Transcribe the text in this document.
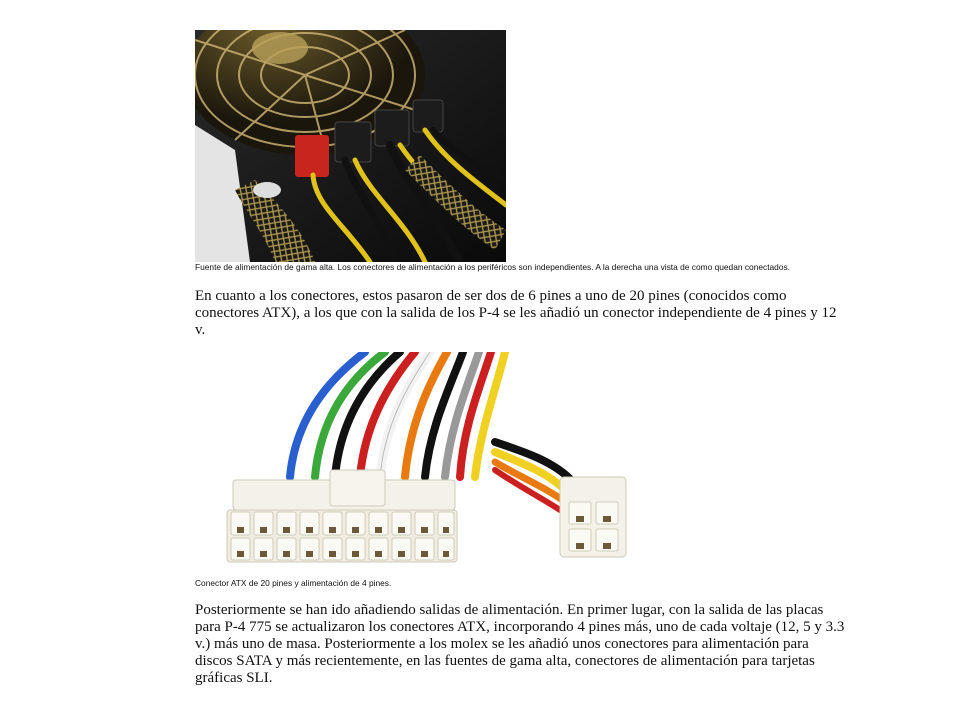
Fuente de alimentación de gama alta. Los conectores de alimentación a los periféricos son independientes. A la derecha una vista de como quedan conectados.
En cuanto a los conectores, estos pasaron de ser dos de 6 pines a uno de 20 pines (conocidos como
conectores ATX), a los que con la salida de los P-4 se les añadió un conector independiente de 4 pines y 12
v.
Conector ATX de 20 pines y alimentación de 4 pines.
Posteriormente se han ido añadiendo salidas de alimentación. En primer lugar, con la salida de las placas
para P-4 775 se actualizaron los conectores ATX, incorporando 4 pines más, uno de cada voltaje (12, 5 y 3.3
v.) más uno de masa. Posteriormente a los molex se les añadió unos conectores para alimentación para
discos SATA y más recientemente, en las fuentes de gama alta, conectores de alimentación para tarjetas
gráficas SLI.
